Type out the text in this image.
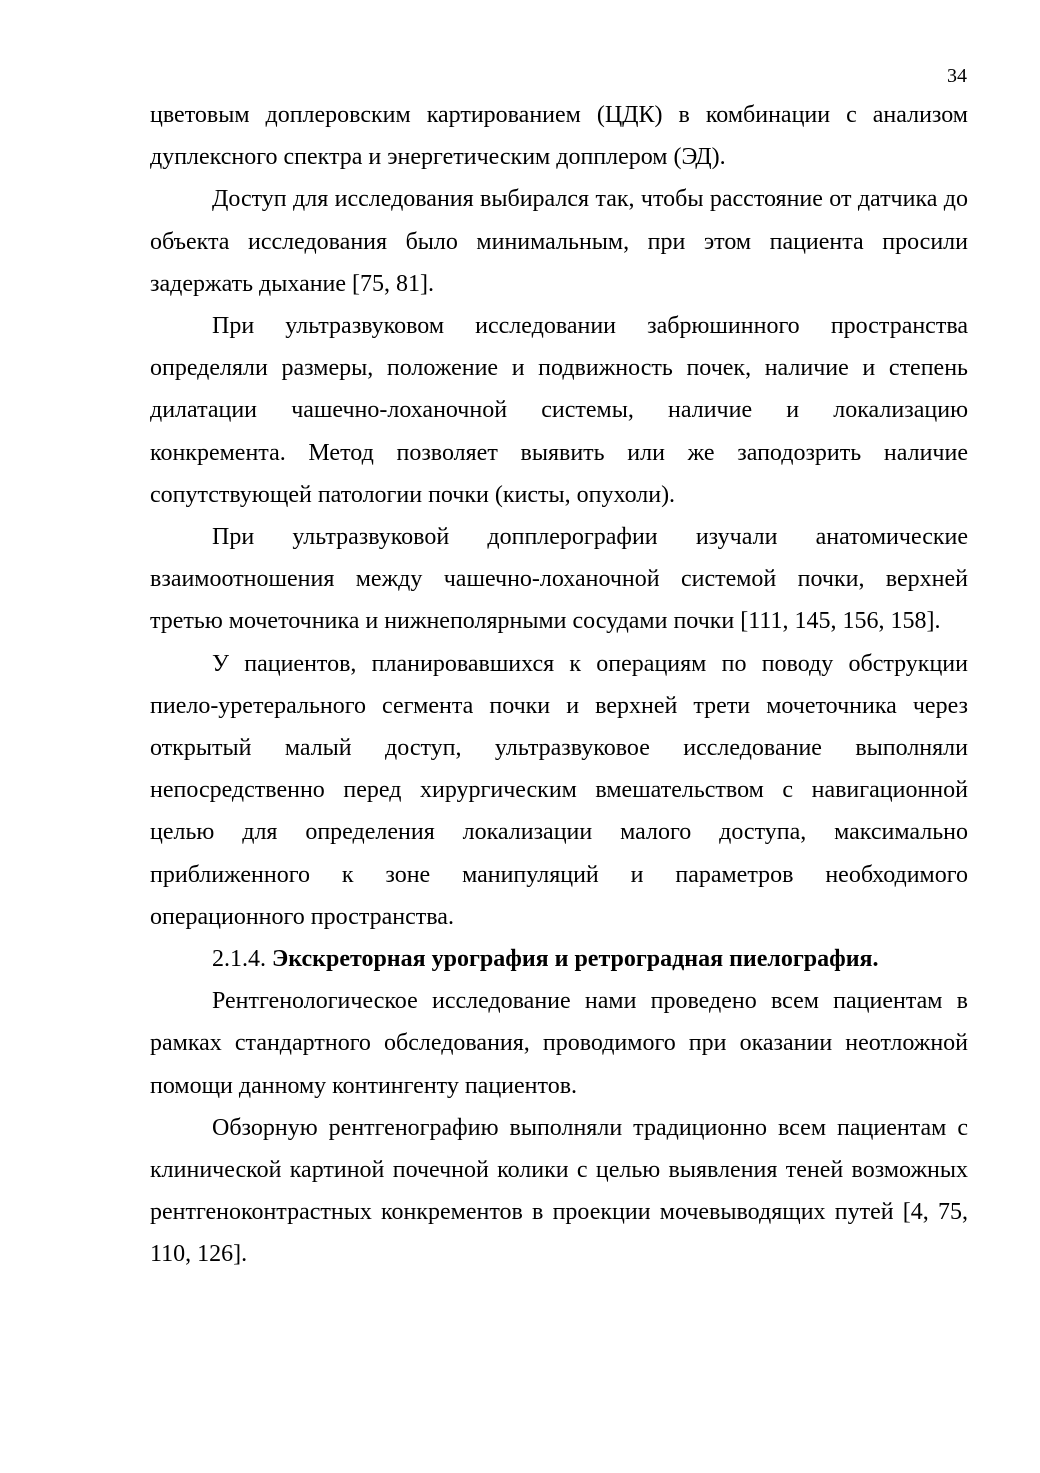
34

цветовым доплеровским картированием (ЦДК) в комбинации с анализом дуплексного спектра и энергетическим допплером (ЭД).

Доступ для исследования выбирался так, чтобы расстояние от датчика до объекта исследования было минимальным, при этом пациента просили задержать дыхание [75, 81].

При ультразвуковом исследовании забрюшинного пространства определяли размеры, положение и подвижность почек, наличие и степень дилатации чашечно-лоханочной системы, наличие и локализацию конкремента. Метод позволяет выявить или же заподозрить наличие сопутствующей патологии почки (кисты, опухоли).

При ультразвуковой допплерографии изучали анатомические взаимоотношения между чашечно-лоханочной системой почки, верхней третью мочеточника и нижнеполярными сосудами почки [111, 145, 156, 158].

У пациентов, планировавшихся к операциям по поводу обструкции пиело-уретерального сегмента почки и верхней трети мочеточника через открытый малый доступ, ультразвуковое исследование выполняли непосредственно перед хирургическим вмешательством с навигационной целью для определения локализации малого доступа, максимально приближенного к зоне манипуляций и параметров необходимого операционного пространства.

2.1.4. Экскреторная урография и ретроградная пиелография.

Рентгенологическое исследование нами проведено всем пациентам в рамках стандартного обследования, проводимого при оказании неотложной помощи данному контингенту пациентов.

Обзорную рентгенографию выполняли традиционно всем пациентам с клинической картиной почечной колики с целью выявления теней возможных рентгеноконтрастных конкрементов в проекции мочевыводящих путей [4, 75, 110, 126].
